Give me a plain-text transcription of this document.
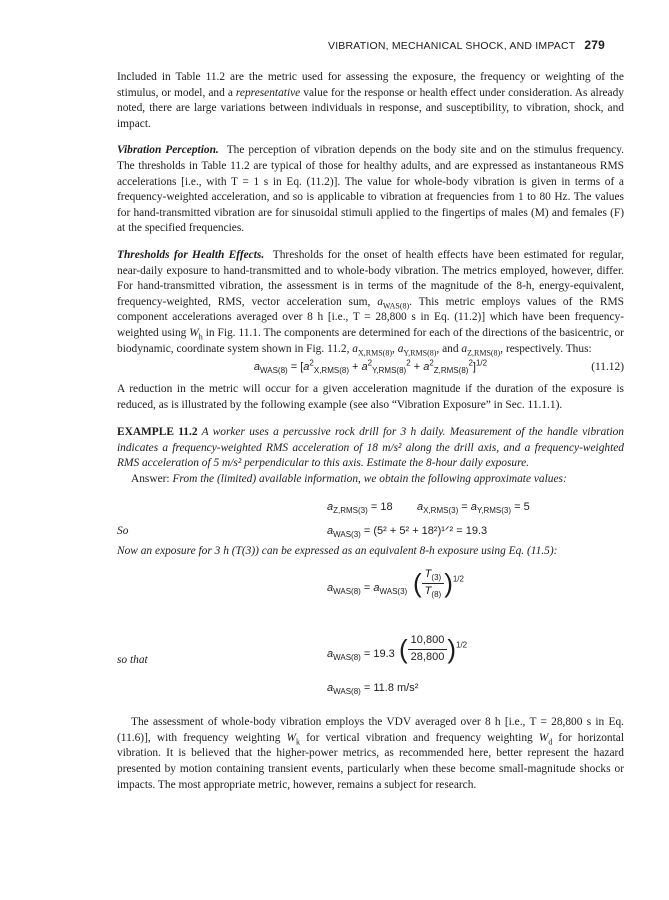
VIBRATION, MECHANICAL SHOCK, AND IMPACT 279

Included in Table 11.2 are the metric used for assessing the exposure, the frequency or weighting of the stimulus, or model, and a representative value for the response or health effect under consideration. As already noted, there are large variations between individuals in response, and susceptibility, to vibration, shock, and impact.

Vibration Perception. The perception of vibration depends on the body site and on the stimulus frequency. The thresholds in Table 11.2 are typical of those for healthy adults, and are expressed as instantaneous RMS accelerations [i.e., with T = 1 s in Eq. (11.2)]. The value for whole-body vibration is given in terms of a frequency-weighted acceleration, and so is applicable to vibration at frequencies from 1 to 80 Hz. The values for hand-transmitted vibration are for sinusoidal stimuli applied to the fingertips of males (M) and females (F) at the specified frequencies.

Thresholds for Health Effects. Thresholds for the onset of health effects have been estimated for regular, near-daily exposure to hand-transmitted and to whole-body vibration. The metrics employed, however, differ. For hand-transmitted vibration, the assessment is in terms of the magnitude of the 8-h, energy-equivalent, frequency-weighted, RMS, vector acceleration sum, $a_{WAS(8)}$. This metric employs values of the RMS component accelerations averaged over 8 h [i.e., T = 28,800 s in Eq. (11.2)] which have been frequency-weighted using $W_h$ in Fig. 11.1. The components are determined for each of the directions of the basicentric, or biodynamic, coordinate system shown in Fig. 11.2, $a_{X,RMS(8)}$, $a_{Y,RMS(8)}$, and $a_{Z,RMS(8)}$, respectively. Thus:

$a_{WAS(8)} = [a^2_{X,RMS(8)} + a^2_{Y,RMS(8)}^2 + a^2_{Z,RMS(8)}^2]^{1/2}$	(11.12)

A reduction in the metric will occur for a given acceleration magnitude if the duration of the exposure is reduced, as is illustrated by the following example (see also “Vibration Exposure” in Sec. 11.1.1).

EXAMPLE 11.2 A worker uses a percussive rock drill for 3 h daily. Measurement of the handle vibration indicates a frequency-weighted RMS acceleration of 18 m/s² along the drill axis, and a frequency-weighted RMS acceleration of 5 m/s² perpendicular to this axis. Estimate the 8-hour daily exposure.

Answer: From the (limited) available information, we obtain the following approximate values:

$a_{Z,RMS(3)} = 18$ $a_{X,RMS(3)} = a_{Y,RMS(3)} = 5$
So	$a_{WAS(3)} = (5^2 + 5^2$ + 18²)¹ᐟ² = 19.3

Now an exposure for 3 h (T(3)) can be expressed as an equivalent 8-h exposure using Eq. (11.5):

$a_{WAS(8)} = a_{WAS(3)}$ ( $\frac{T_{(3)}}{T_{(8)}} )^{1/2}$
so that	$a_{WAS(8)} = 19.3$ ( $\frac{10,800}{28,800} )^{1/2}$
$a_{WAS(8)} = 11.8$ m/s²

The assessment of whole-body vibration employs the VDV averaged over 8 h [i.e., T = 28,800 s in Eq. (11.6)], with frequency weighting $W_k$ for vertical vibration and frequency weighting $W_d$ for horizontal vibration. It is believed that the higher-power metrics, as recommended here, better represent the hazard presented by motion containing transient events, particularly when these become small-magnitude shocks or impacts. The most appropriate metric, however, remains a subject for research.
